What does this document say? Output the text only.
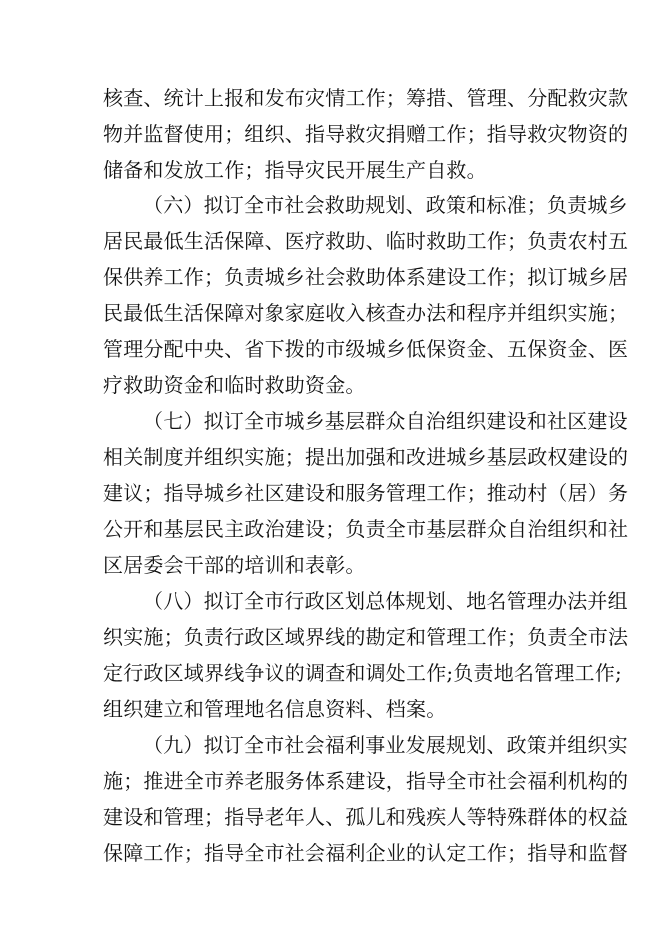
核查、统计上报和发布灾情工作；筹措、管理、分配救灾款
物并监督使用；组织、指导救灾捐赠工作；指导救灾物资的
储备和发放工作；指导灾民开展生产自救。
（六）拟订全市社会救助规划、政策和标准；负责城乡
居民最低生活保障、医疗救助、临时救助工作；负责农村五
保供养工作；负责城乡社会救助体系建设工作；拟订城乡居
民最低生活保障对象家庭收入核查办法和程序并组织实施；
管理分配中央、省下拨的市级城乡低保资金、五保资金、医
疗救助资金和临时救助资金。
（七）拟订全市城乡基层群众自治组织建设和社区建设
相关制度并组织实施；提出加强和改进城乡基层政权建设的
建议；指导城乡社区建设和服务管理工作；推动村（居）务
公开和基层民主政治建设；负责全市基层群众自治组织和社
区居委会干部的培训和表彰。
（八）拟订全市行政区划总体规划、地名管理办法并组
织实施；负责行政区域界线的勘定和管理工作；负责全市法
定行政区域界线争议的调查和调处工作;负责地名管理工作;
组织建立和管理地名信息资料、档案。
（九）拟订全市社会福利事业发展规划、政策并组织实
施；推进全市养老服务体系建设，指导全市社会福利机构的
建设和管理；指导老年人、孤儿和残疾人等特殊群体的权益
保障工作；指导全市社会福利企业的认定工作；指导和监督
